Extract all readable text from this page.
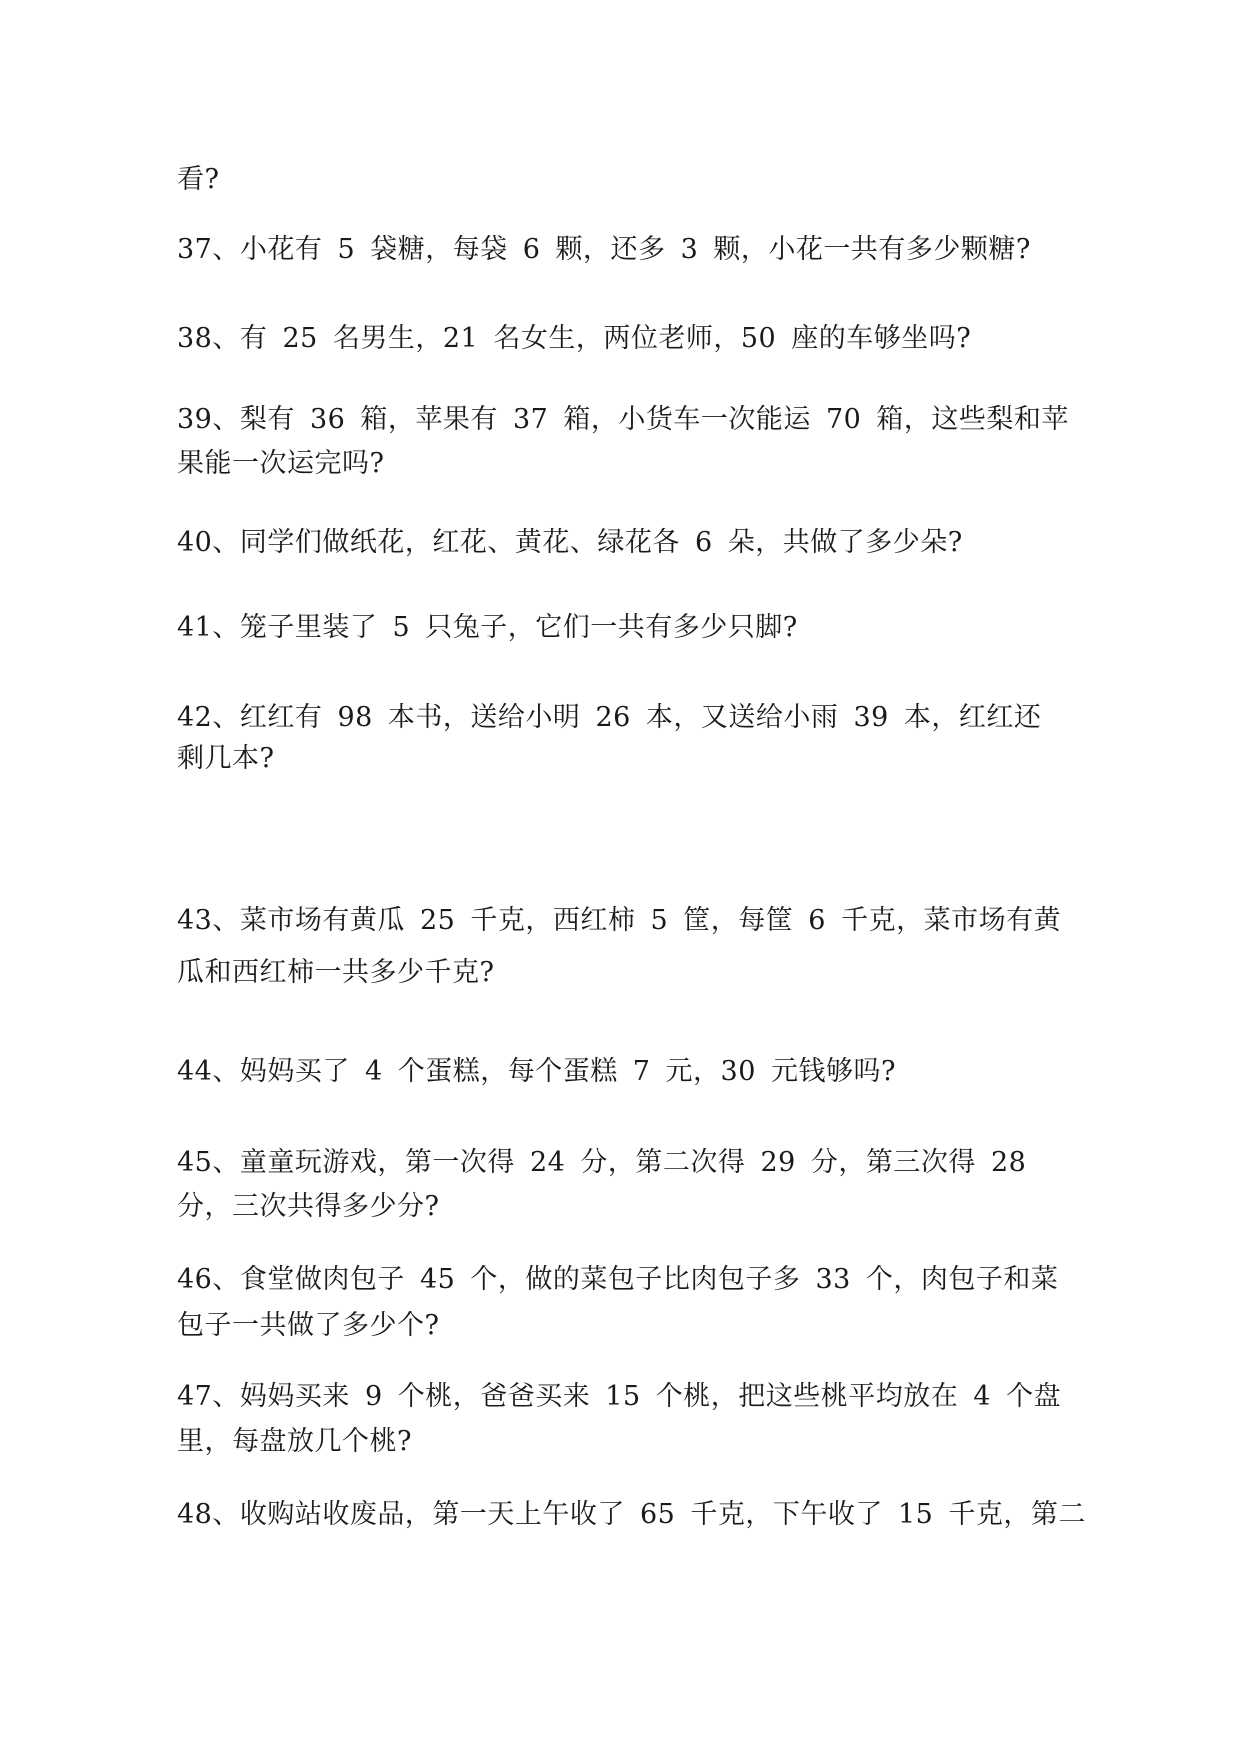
看?

37、小花有 5 袋糖，每袋 6 颗，还多 3 颗，小花一共有多少颗糖?

38、有 25 名男生，21 名女生，两位老师，50 座的车够坐吗?

39、梨有 36 箱，苹果有 37 箱，小货车一次能运 70 箱，这些梨和苹

果能一次运完吗?

40、同学们做纸花，红花、黄花、绿花各 6 朵，共做了多少朵?

41、笼子里装了 5 只兔子，它们一共有多少只脚?

42、红红有 98 本书，送给小明 26 本，又送给小雨 39 本，红红还

剩几本?

43、菜市场有黄瓜 25 千克，西红柿 5 筐，每筐 6 千克，菜市场有黄

瓜和西红柿一共多少千克?

44、妈妈买了 4 个蛋糕，每个蛋糕 7 元，30 元钱够吗?

45、童童玩游戏，第一次得 24 分，第二次得 29 分，第三次得 28

分，三次共得多少分?

46、食堂做肉包子 45 个，做的菜包子比肉包子多 33 个，肉包子和菜

包子一共做了多少个?

47、妈妈买来 9 个桃，爸爸买来 15 个桃，把这些桃平均放在 4 个盘

里，每盘放几个桃?

48、收购站收废品，第一天上午收了 65 千克，下午收了 15 千克，第二
